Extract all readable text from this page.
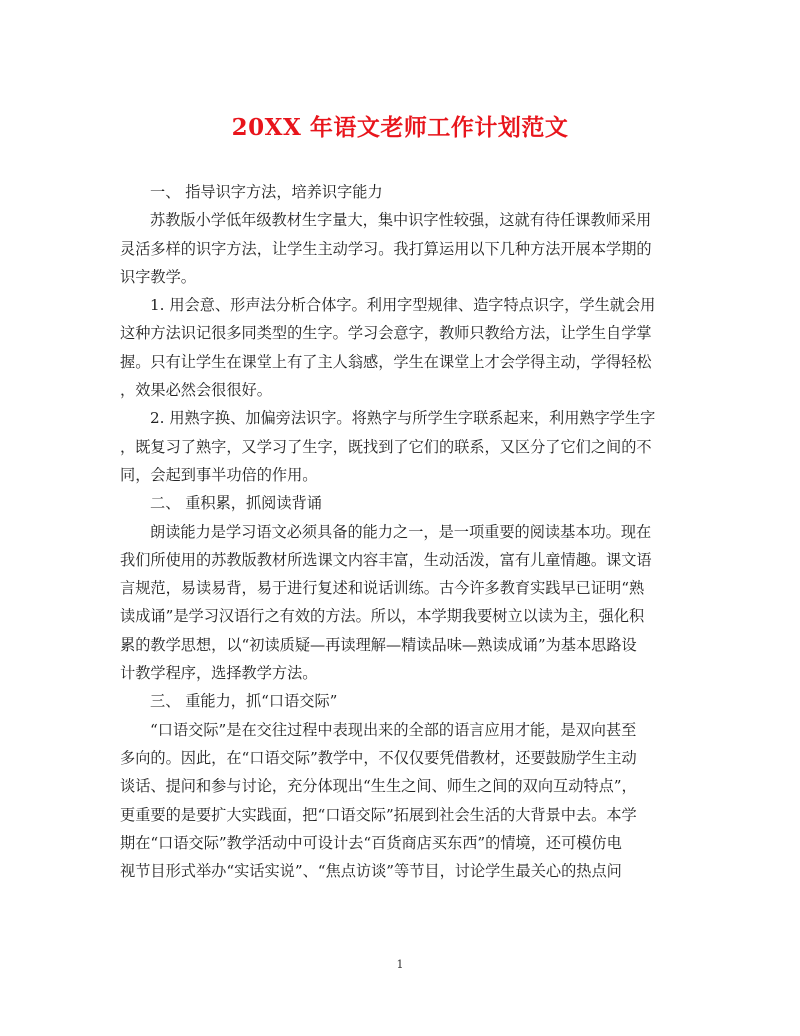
20XX 年语文老师工作计划范文
一、 指导识字方法，培养识字能力
苏教版小学低年级教材生字量大，集中识字性较强，这就有待任课教师采用
灵活多样的识字方法，让学生主动学习。我打算运用以下几种方法开展本学期的
识字教学。
1. 用会意、形声法分析合体字。利用字型规律、造字特点识字，学生就会用
这种方法识记很多同类型的生字。学习会意字，教师只教给方法，让学生自学掌
握。只有让学生在课堂上有了主人翁感，学生在课堂上才会学得主动，学得轻松
，效果必然会很很好。
2. 用熟字换、加偏旁法识字。将熟字与所学生字联系起来，利用熟字学生字
，既复习了熟字，又学习了生字，既找到了它们的联系，又区分了它们之间的不
同，会起到事半功倍的作用。
二、 重积累，抓阅读背诵
朗读能力是学习语文必须具备的能力之一，是一项重要的阅读基本功。现在
我们所使用的苏教版教材所选课文内容丰富，生动活泼，富有儿童情趣。课文语
言规范，易读易背，易于进行复述和说话训练。古今许多教育实践早已证明“熟
读成诵”是学习汉语行之有效的方法。所以，本学期我要树立以读为主，强化积
累的教学思想，以“初读质疑—再读理解—精读品味—熟读成诵”为基本思路设
计教学程序，选择教学方法。
三、 重能力，抓“口语交际”
“口语交际”是在交往过程中表现出来的全部的语言应用才能，是双向甚至
多向的。因此，在“口语交际”教学中，不仅仅要凭借教材，还要鼓励学生主动
谈话、提问和参与讨论，充分体现出“生生之间、师生之间的双向互动特点”，
更重要的是要扩大实践面，把“口语交际”拓展到社会生活的大背景中去。本学
期在“口语交际”教学活动中可设计去“百货商店买东西”的情境，还可模仿电
视节目形式举办“实话实说”、“焦点访谈”等节目，讨论学生最关心的热点问
1
